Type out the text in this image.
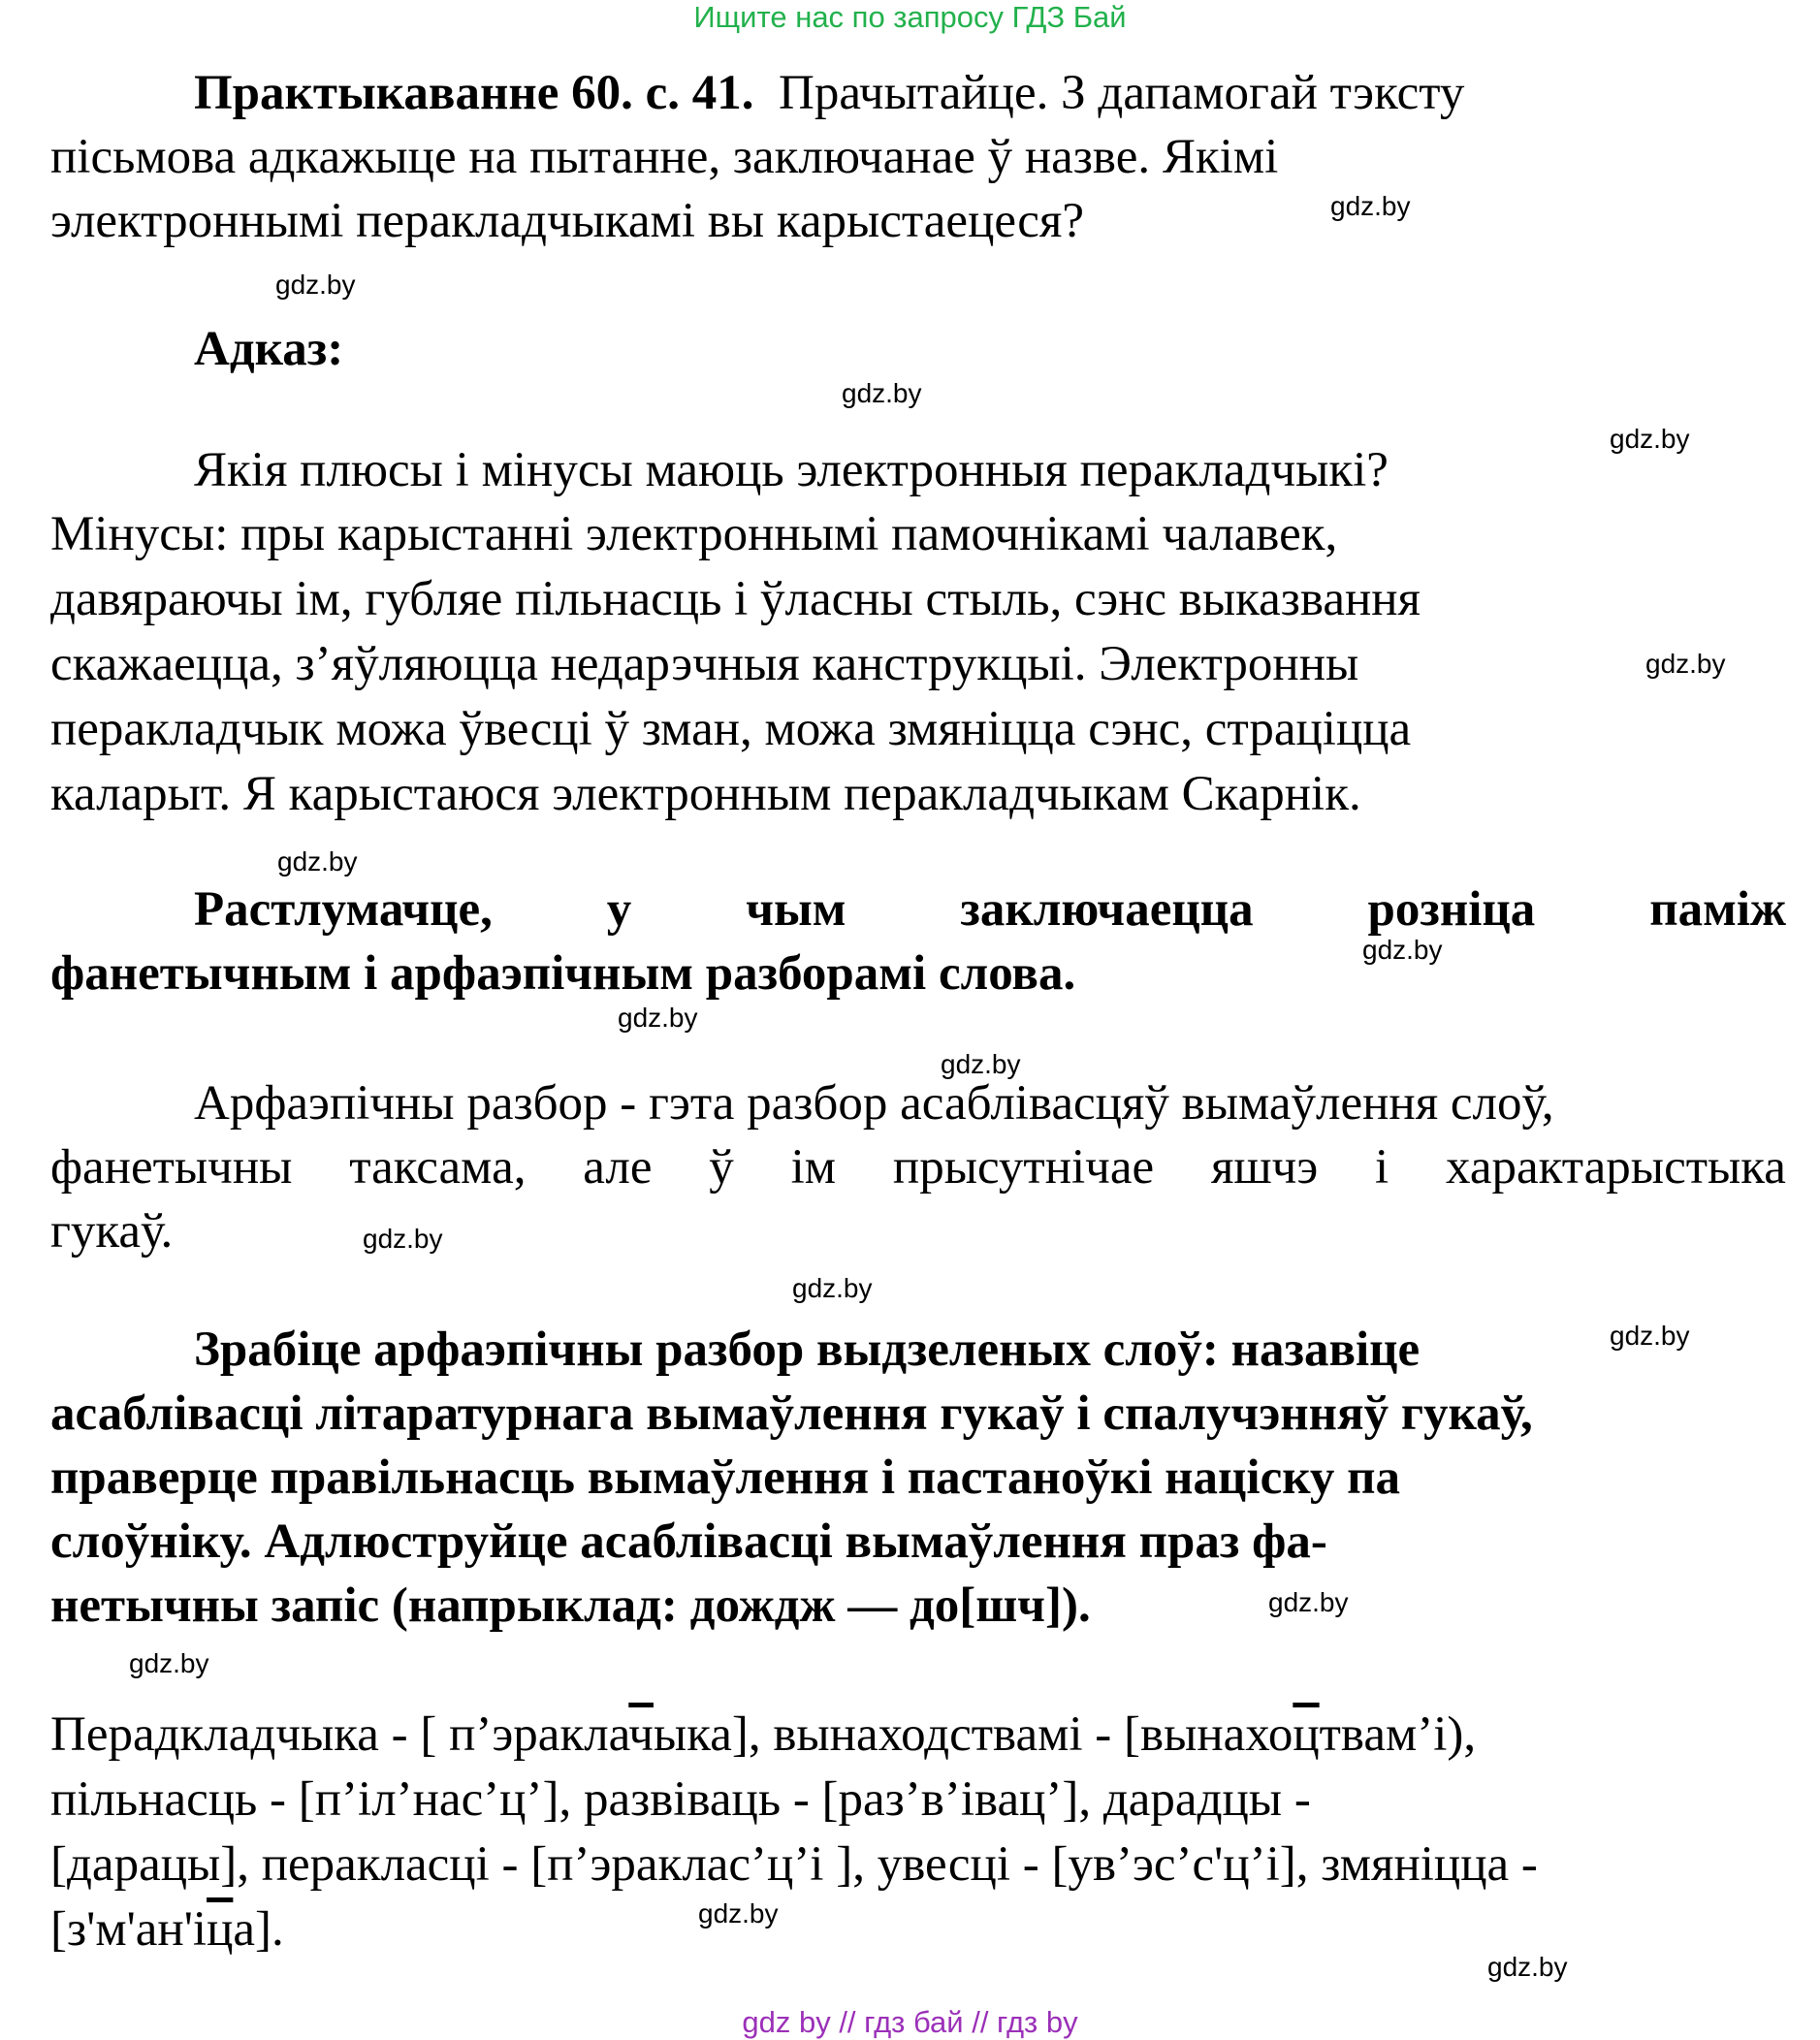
Ищите нас по запросу ГДЗ Бай
Практыкаванне 60. с. 41. Прачытайце. З дапамогай тэксту
пісьмова адкажыце на пытанне, заключанае ў назве. Якімі
электроннымі перакладчыкамі вы карыстаецеся?
Адказ:
Якія плюсы і мінусы маюць электронныя перакладчыкі?
Мінусы: пры карыстанні электроннымі памочнікамі чалавек,
давяраючы ім, губляе пільнасць і ўласны стыль, сэнс выказвання
скажаецца, з’яўляюцца недарэчныя канструкцыі. Электронны
перакладчык можа ўвесці ў зман, можа змяніцца сэнс, страціцца
каларыт. Я карыстаюся электронным перакладчыкам Скарнік.
Растлумачце, у чым заключаецца розніца паміж
фанетычным і арфаэпічным разборамі слова.
Арфаэпічны разбор - гэта разбор асаблівасцяў вымаўлення слоў,
фанетычны таксама, але ў ім прысутнічае яшчэ і характарыстыка
гукаў.
Зрабіце арфаэпічны разбор выдзеленых слоў: назавіце
асаблівасці літаратурнага вымаўлення гукаў і спалучэнняў гукаў,
праверце правільнасць вымаўлення і пастаноўкі націску па
слоўніку. Адлюструйце асаблівасці вымаўлення праз фа-
нетычны запіс (напрыклад: дождж — до[шч]).
Перадкладчыка - [ п’эраклачыка], вынаходствамі - [вынахоцтвам’і),
пільнасць - [п’іл’нас’ц’], развіваць - [раз’в’івац’], дарадцы -
[дарацы], перакласці - [п’эраклас’ц’і ], увесці - [ув’эс’с'ц’і], змяніцца -
[з'м'ан'іца].
gdz.by
gdz.by
gdz.by
gdz.by
gdz.by
gdz.by
gdz.by
gdz.by
gdz.by
gdz.by
gdz.by
gdz.by
gdz.by
gdz.by
gdz.by
gdz.by
gdz by // гдз бай // гдз by
